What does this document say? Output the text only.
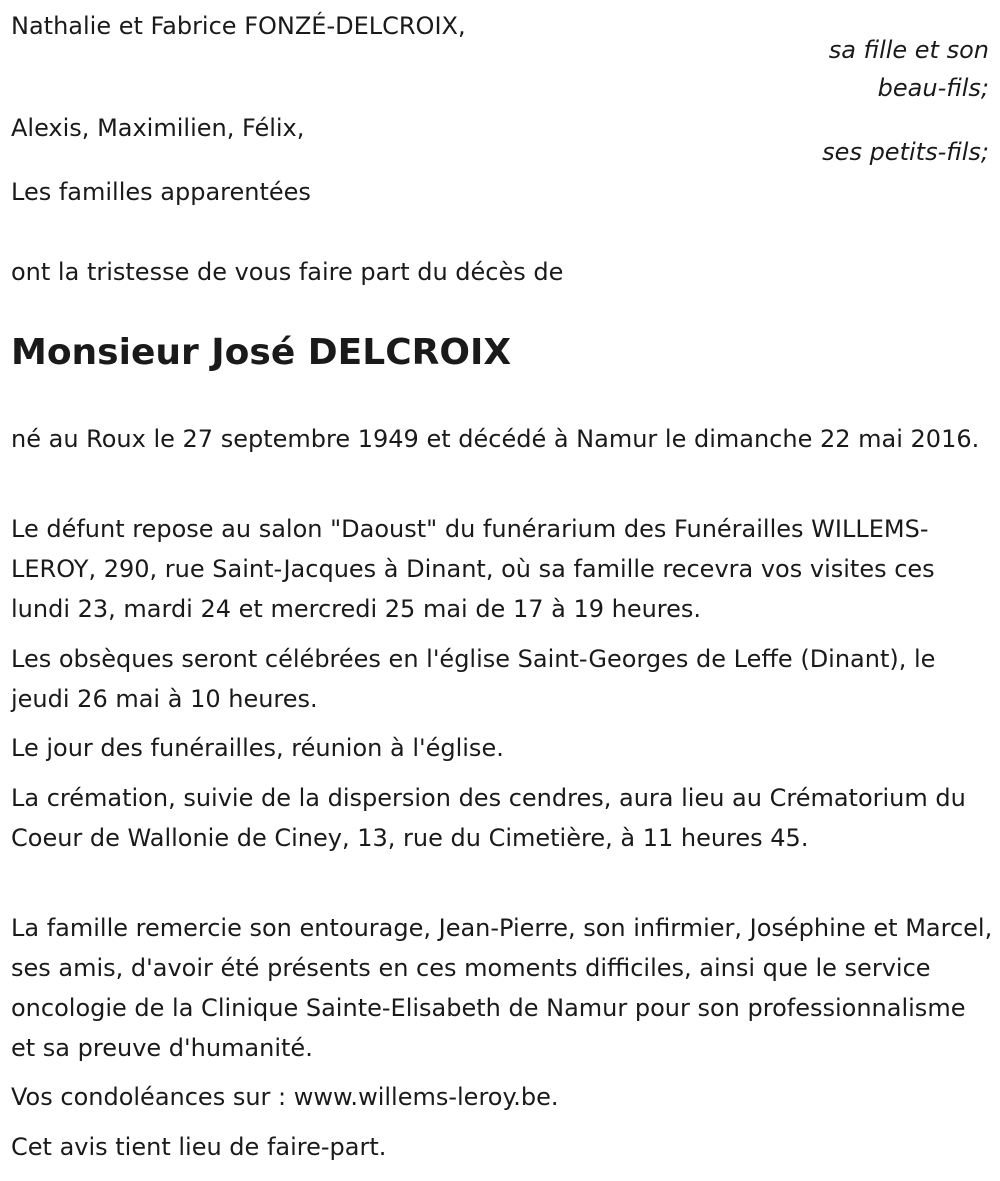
Nathalie et Fabrice FONZÉ-DELCROIX,
sa fille et son
beau-fils;
Alexis, Maximilien, Félix,
ses petits-fils;
Les familles apparentées
ont la tristesse de vous faire part du décès de
Monsieur José DELCROIX
né au Roux le 27 septembre 1949 et décédé à Namur le dimanche 22 mai 2016.
Le défunt repose au salon "Daoust" du funérarium des Funérailles WILLEMS-LEROY, 290, rue Saint-Jacques à Dinant, où sa famille recevra vos visites ces lundi 23, mardi 24 et mercredi 25 mai de 17 à 19 heures.
Les obsèques seront célébrées en l'église Saint-Georges de Leffe (Dinant), le jeudi 26 mai à 10 heures.
Le jour des funérailles, réunion à l'église.
La crémation, suivie de la dispersion des cendres, aura lieu au Crématorium du Coeur de Wallonie de Ciney, 13, rue du Cimetière, à 11 heures 45.
La famille remercie son entourage, Jean-Pierre, son infirmier, Joséphine et Marcel, ses amis, d'avoir été présents en ces moments difficiles, ainsi que le service oncologie de la Clinique Sainte-Elisabeth de Namur pour son professionnalisme et sa preuve d'humanité.
Vos condoléances sur : www.willems-leroy.be.
Cet avis tient lieu de faire-part.
